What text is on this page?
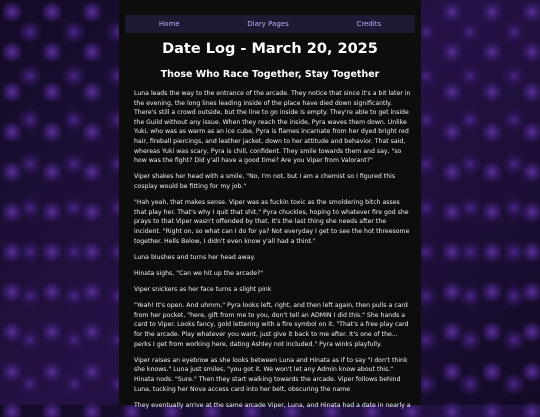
Home	Diary Pages	Credits
Date Log - March 20, 2025
Those Who Race Together, Stay Together

Luna leads the way to the entrance of the arcade. They notice that since it's a bit later in the evening, the long lines leading inside of the place have died down significantly. There's still a crowd outside, but the line to go inside is empty. They're able to get inside the Guild without any issue. When they reach the inside, Pyra waves them down. Unlike Yuki, who was as warm as an ice cube, Pyra is flames incarnate from her dyed bright red hair, fireball piercings, and leather jacket, down to her attitude and behavior. That said, whereas Yuki was scary, Pyra is chill, confident. They smile towards them and say, "so how was the fight? Did y'all have a good time? Are you Viper from Valorant?"

Viper shakes her head with a smile, "No, I'm not, but I am a chemist so I figured this cosplay would be fitting for my job."

"Hah yeah, that makes sense. Viper was as fuckin toxic as the smoldering bitch asses that play her. That's why I quit that shit," Pyra chuckles, hoping to whatever fire god she prays to that Viper wasn't offended by that. It's the last thing she needs after the incident. "Right on, so what can I do for ya? Not everyday I get to see the hot threesome together. Hells Below, I didn't even know y'all had a third."

Luna blushes and turns her head away.

Hinata sighs, "Can we hit up the arcade?"

Viper snickers as her face turns a slight pink

"Yeah! It's open. And uhmm," Pyra looks left, right, and then left again, then pulls a card from her pocket, "here, gift from me to you, don't tell an ADMIN I did this." She hands a card to Viper. Looks fancy, gold lettering with a fire symbol on it. "That's a free play card for the arcade. Play whatever you want, just give it back to me after. It's one of the... perks I get from working here, dating Ashley not included." Pyra winks playfully.

Viper raises an eyebrow as she looks between Luna and Hinata as if to say "I don't think she knows." Luna just smiles, "you got it. We won't let any Admin know about this." Hinata nods. "Sure." Then they start walking towards the arcade. Viper follows behind Luna, tucking her Nova access card into her belt, obscuring the name

They eventually arrive at the same arcade Viper, Luna, and Hinata had a date in nearly a
